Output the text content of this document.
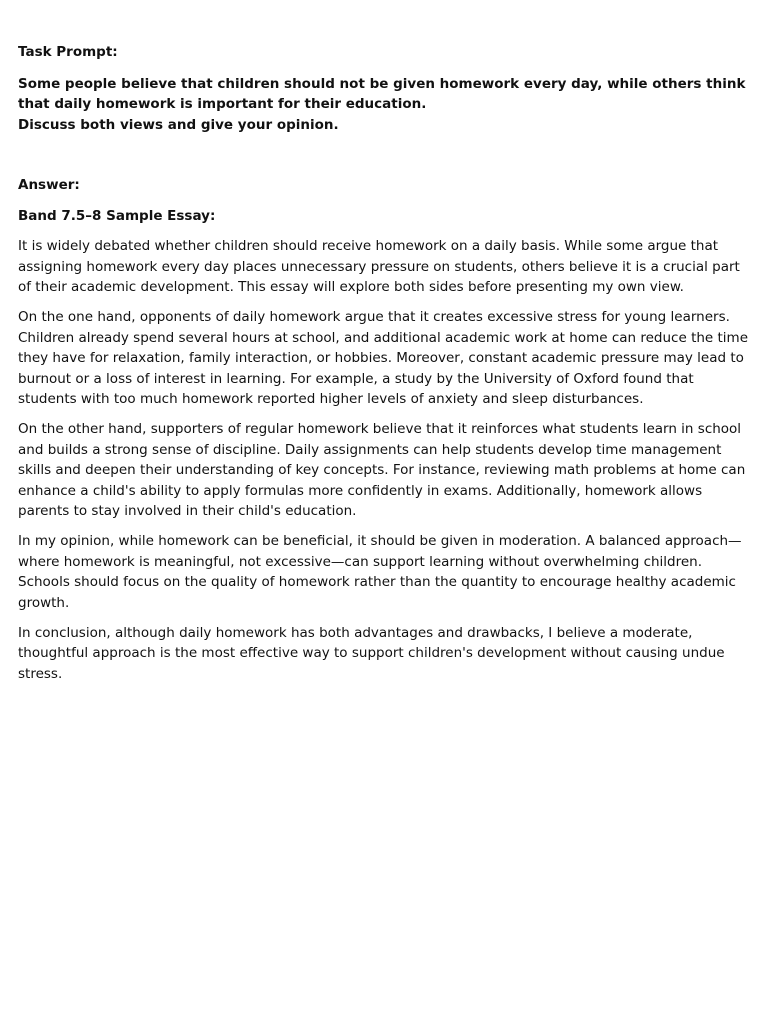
Task Prompt:

Some people believe that children should not be given homework every day, while others think that daily homework is important for their education.

Discuss both views and give your opinion.

Answer:

Band 7.5–8 Sample Essay:

It is widely debated whether children should receive homework on a daily basis. While some argue that assigning homework every day places unnecessary pressure on students, others believe it is a crucial part of their academic development. This essay will explore both sides before presenting my own view.

On the one hand, opponents of daily homework argue that it creates excessive stress for young learners. Children already spend several hours at school, and additional academic work at home can reduce the time they have for relaxation, family interaction, or hobbies. Moreover, constant academic pressure may lead to burnout or a loss of interest in learning. For example, a study by the University of Oxford found that students with too much homework reported higher levels of anxiety and sleep disturbances.

On the other hand, supporters of regular homework believe that it reinforces what students learn in school and builds a strong sense of discipline. Daily assignments can help students develop time management skills and deepen their understanding of key concepts. For instance, reviewing math problems at home can enhance a child's ability to apply formulas more confidently in exams. Additionally, homework allows parents to stay involved in their child's education.

In my opinion, while homework can be beneficial, it should be given in moderation. A balanced approach—where homework is meaningful, not excessive—can support learning without overwhelming children. Schools should focus on the quality of homework rather than the quantity to encourage healthy academic growth.

In conclusion, although daily homework has both advantages and drawbacks, I believe a moderate, thoughtful approach is the most effective way to support children's development without causing undue stress.
